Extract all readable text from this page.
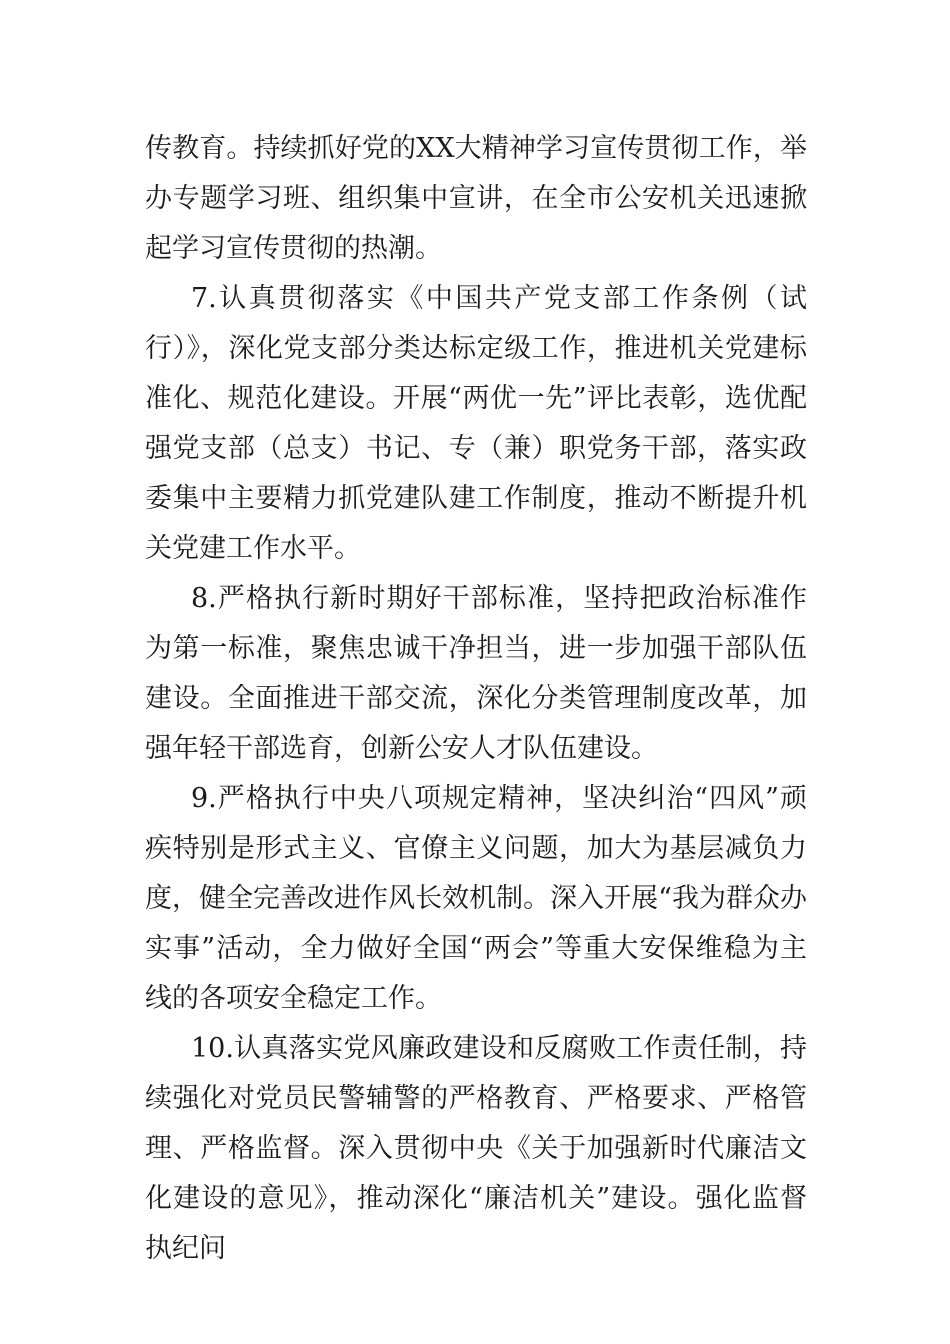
传教育。持续抓好党的XX大精神学习宣传贯彻工作，举办专题学习班、组织集中宣讲，在全市公安机关迅速掀起学习宣传贯彻的热潮。

7.认真贯彻落实《中国共产党支部工作条例（试行）》，深化党支部分类达标定级工作，推进机关党建标准化、规范化建设。开展“两优一先”评比表彰，选优配强党支部（总支）书记、专（兼）职党务干部，落实政委集中主要精力抓党建队建工作制度，推动不断提升机关党建工作水平。

8.严格执行新时期好干部标准，坚持把政治标准作为第一标准，聚焦忠诚干净担当，进一步加强干部队伍建设。全面推进干部交流，深化分类管理制度改革，加强年轻干部选育，创新公安人才队伍建设。

9.严格执行中央八项规定精神，坚决纠治“四风”顽疾特别是形式主义、官僚主义问题，加大为基层减负力度，健全完善改进作风长效机制。深入开展“我为群众办实事”活动，全力做好全国“两会”等重大安保维稳为主线的各项安全稳定工作。

10.认真落实党风廉政建设和反腐败工作责任制，持续强化对党员民警辅警的严格教育、严格要求、严格管理、严格监督。深入贯彻中央《关于加强新时代廉洁文化建设的意见》，推动深化“廉洁机关”建设。强化监督执纪问
